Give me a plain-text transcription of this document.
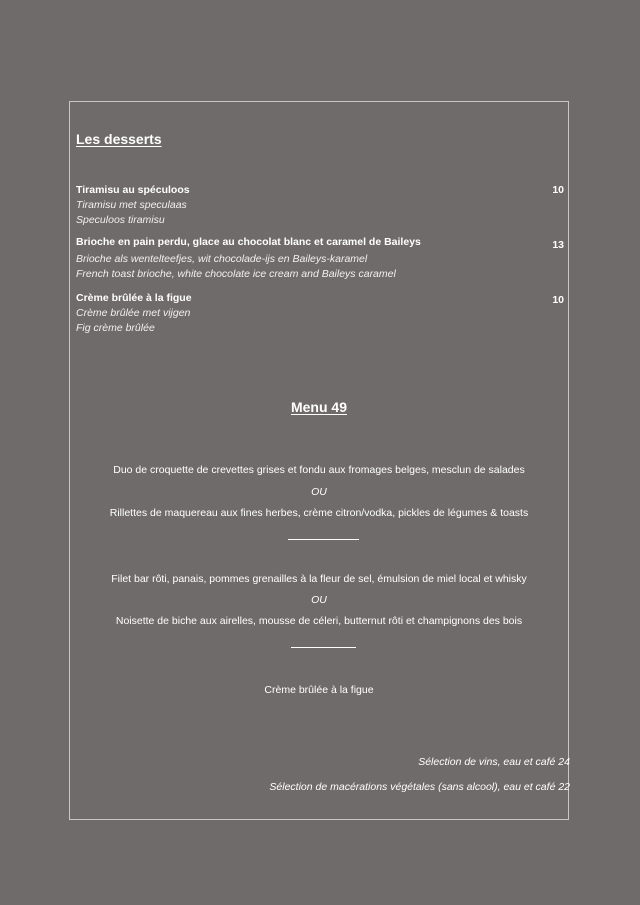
Les desserts
Tiramisu au spéculoos	10
Tiramisu met speculaas
Speculoos tiramisu
Brioche en pain perdu, glace au chocolat blanc et caramel de Baileys	13
Brioche als wentelteefjes, wit chocolade-ijs en Baileys-karamel
French toast brioche, white chocolate ice cream and Baileys caramel
Crème brûlée à la figue	10
Crème brûlée met vijgen
Fig crème brûlée
Menu 49
Duo de croquette de crevettes grises et fondu aux fromages belges, mesclun de salades
OU
Rillettes de maquereau aux fines herbes, crème citron/vodka, pickles de légumes & toasts
Filet bar rôti, panais, pommes grenailles à la fleur de sel, émulsion de miel local et whisky
OU
Noisette de biche aux airelles, mousse de céleri, butternut rôti et champignons des bois
Crème brûlée à la figue
Sélection de vins, eau et café 24
Sélection de macérations végétales (sans alcool), eau et café 22
